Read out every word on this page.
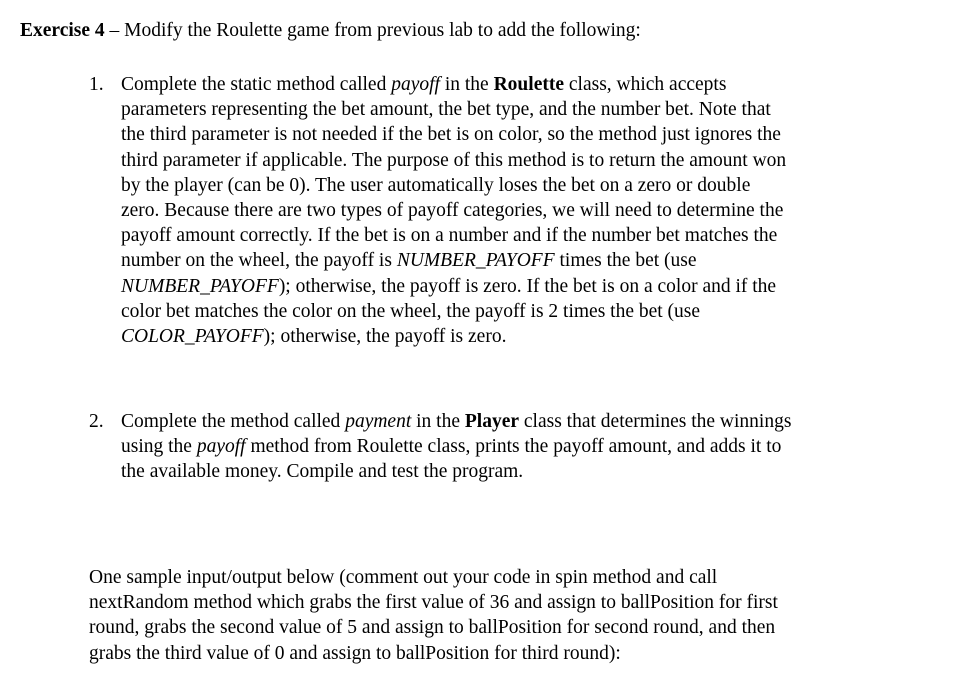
Exercise 4 – Modify the Roulette game from previous lab to add the following:
1. Complete the static method called payoff in the Roulette class, which accepts
parameters representing the bet amount, the bet type, and the number bet. Note that
the third parameter is not needed if the bet is on color, so the method just ignores the
third parameter if applicable. The purpose of this method is to return the amount won
by the player (can be 0). The user automatically loses the bet on a zero or double
zero. Because there are two types of payoff categories, we will need to determine the
payoff amount correctly. If the bet is on a number and if the number bet matches the
number on the wheel, the payoff is NUMBER_PAYOFF times the bet (use
NUMBER_PAYOFF); otherwise, the payoff is zero. If the bet is on a color and if the
color bet matches the color on the wheel, the payoff is 2 times the bet (use
COLOR_PAYOFF); otherwise, the payoff is zero.
2. Complete the method called payment in the Player class that determines the winnings
using the payoff method from Roulette class, prints the payoff amount, and adds it to
the available money. Compile and test the program.
One sample input/output below (comment out your code in spin method and call
nextRandom method which grabs the first value of 36 and assign to ballPosition for first
round, grabs the second value of 5 and assign to ballPosition for second round, and then
grabs the third value of 0 and assign to ballPosition for third round):
